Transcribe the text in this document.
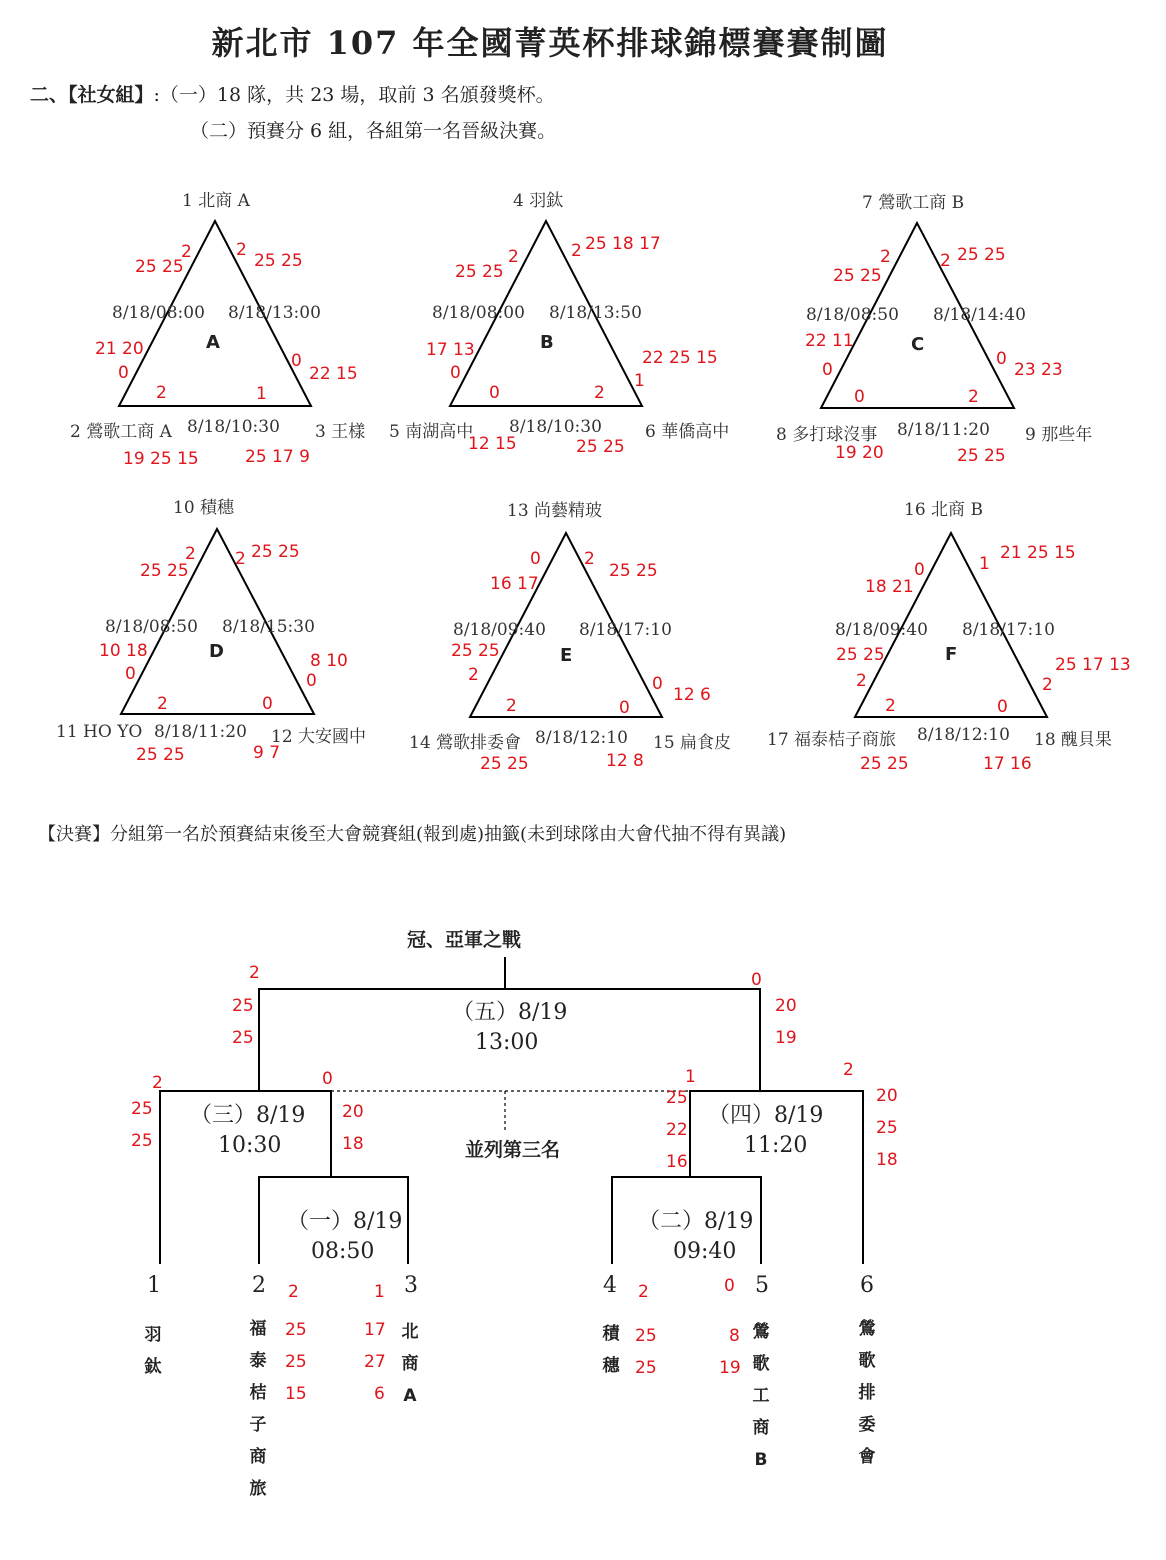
新北市 107 年全國菁英杯排球錦標賽賽制圖
二、【社女組】:（一）18 隊，共 23 場，取前 3 名頒發獎杯。
（二）預賽分 6 組，各組第一名晉級決賽。
1 北商 A
2 鶯歌工商 A	3 王樣
8/18/08:00 8/18/13:00
8/18/10:30
A
2
25 25
2
25 25
21 20
0
0
22 15
2	1
19 25 15	25 17 9
4 羽鈦
5 南湖高中	6 華僑高中
8/18/08:00 8/18/13:50
8/18/10:30
B
2
25 25
2 25 18 17
17 13
0	1
22 25 15
0	2
12 15	25 25
7 鶯歌工商 B
8 多打球沒事	9 那些年
8/18/08:50 8/18/14:40
8/18/11:20
C
2
25 25
2 25 25
22 11
0
0
23 23
0	2
19 20	25 25
10 積穗
11 HO YO	12 大安國中
8/18/08:50 8/18/15:30
8/18/11:20
D
2
25 25
2 25 25
10 18
0
8 10
0
2	0
25 25	9 7
13 尚藝精玻
14 鶯歌排委會	15 扁食皮
8/18/09:40 8/18/17:10
8/18/12:10
E
0
16 17
2
25 25
25 25
2	0
12 6
2	0
25 25	12 8
16 北商 B
17 福泰桔子商旅	18 醜貝果
8/18/09:40 8/18/17:10
8/18/12:10
F
0
18 21
1
21 25 15
25 25
2	2
25 17 13
2	0
25 25	17 16
【決賽】分組第一名於預賽結束後至大會競賽組(報到處)抽籤(未到球隊由大會代抽不得有異議)
冠、亞軍之戰
並列第三名
（五）8/19
13:00
2
25
25
0
20
19
（三）8/19
10:30
2
25
25
0
20
18
（四）8/19
11:20
1
25
22
16
2
20
25
18
（一）8/19
08:50
2
25
25
15
1
17
27
6
（二）8/19
09:40
2
25
25
0
8
19
1	2	3	4	5	6
羽鈦
福泰桔子商旅
北商A
積穗
鶯歌工商B
鶯歌排委會
